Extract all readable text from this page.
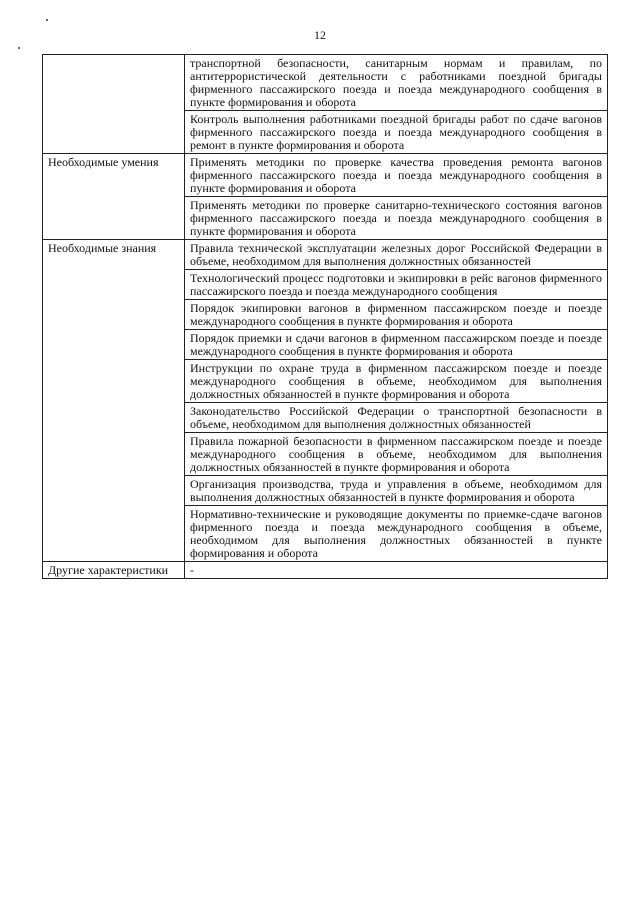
12
	транспортной безопасности, санитарным нормам и правилам, по антитеррористической деятельности с работниками поездной бригады фирменного пассажирского поезда и поезда международного сообщения в пункте формирования и оборота
	Контроль выполнения работниками поездной бригады работ по сдаче вагонов фирменного пассажирского поезда и поезда международного сообщения в ремонт в пункте формирования и оборота
Необходимые умения	Применять методики по проверке качества проведения ремонта вагонов фирменного пассажирского поезда и поезда международного сообщения в пункте формирования и оборота
	Применять методики по проверке санитарно-технического состояния вагонов фирменного пассажирского поезда и поезда международного сообщения в пункте формирования и оборота
Необходимые знания	Правила технической эксплуатации железных дорог Российской Федерации в объеме, необходимом для выполнения должностных обязанностей
	Технологический процесс подготовки и экипировки в рейс вагонов фирменного пассажирского поезда и поезда международного сообщения
	Порядок экипировки вагонов в фирменном пассажирском поезде и поезде международного сообщения в пункте формирования и оборота
	Порядок приемки и сдачи вагонов в фирменном пассажирском поезде и поезде международного сообщения в пункте формирования и оборота
	Инструкции по охране труда в фирменном пассажирском поезде и поезде международного сообщения в объеме, необходимом для выполнения должностных обязанностей в пункте формирования и оборота
	Законодательство Российской Федерации о транспортной безопасности в объеме, необходимом для выполнения должностных обязанностей
	Правила пожарной безопасности в фирменном пассажирском поезде и поезде международного сообщения в объеме, необходимом для выполнения должностных обязанностей в пункте формирования и оборота
	Организация производства, труда и управления в объеме, необходимом для выполнения должностных обязанностей в пункте формирования и оборота
	Нормативно-технические и руководящие документы по приемке-сдаче вагонов фирменного поезда и поезда международного сообщения в объеме, необходимом для выполнения должностных обязанностей в пункте формирования и оборота
Другие характеристики	-
